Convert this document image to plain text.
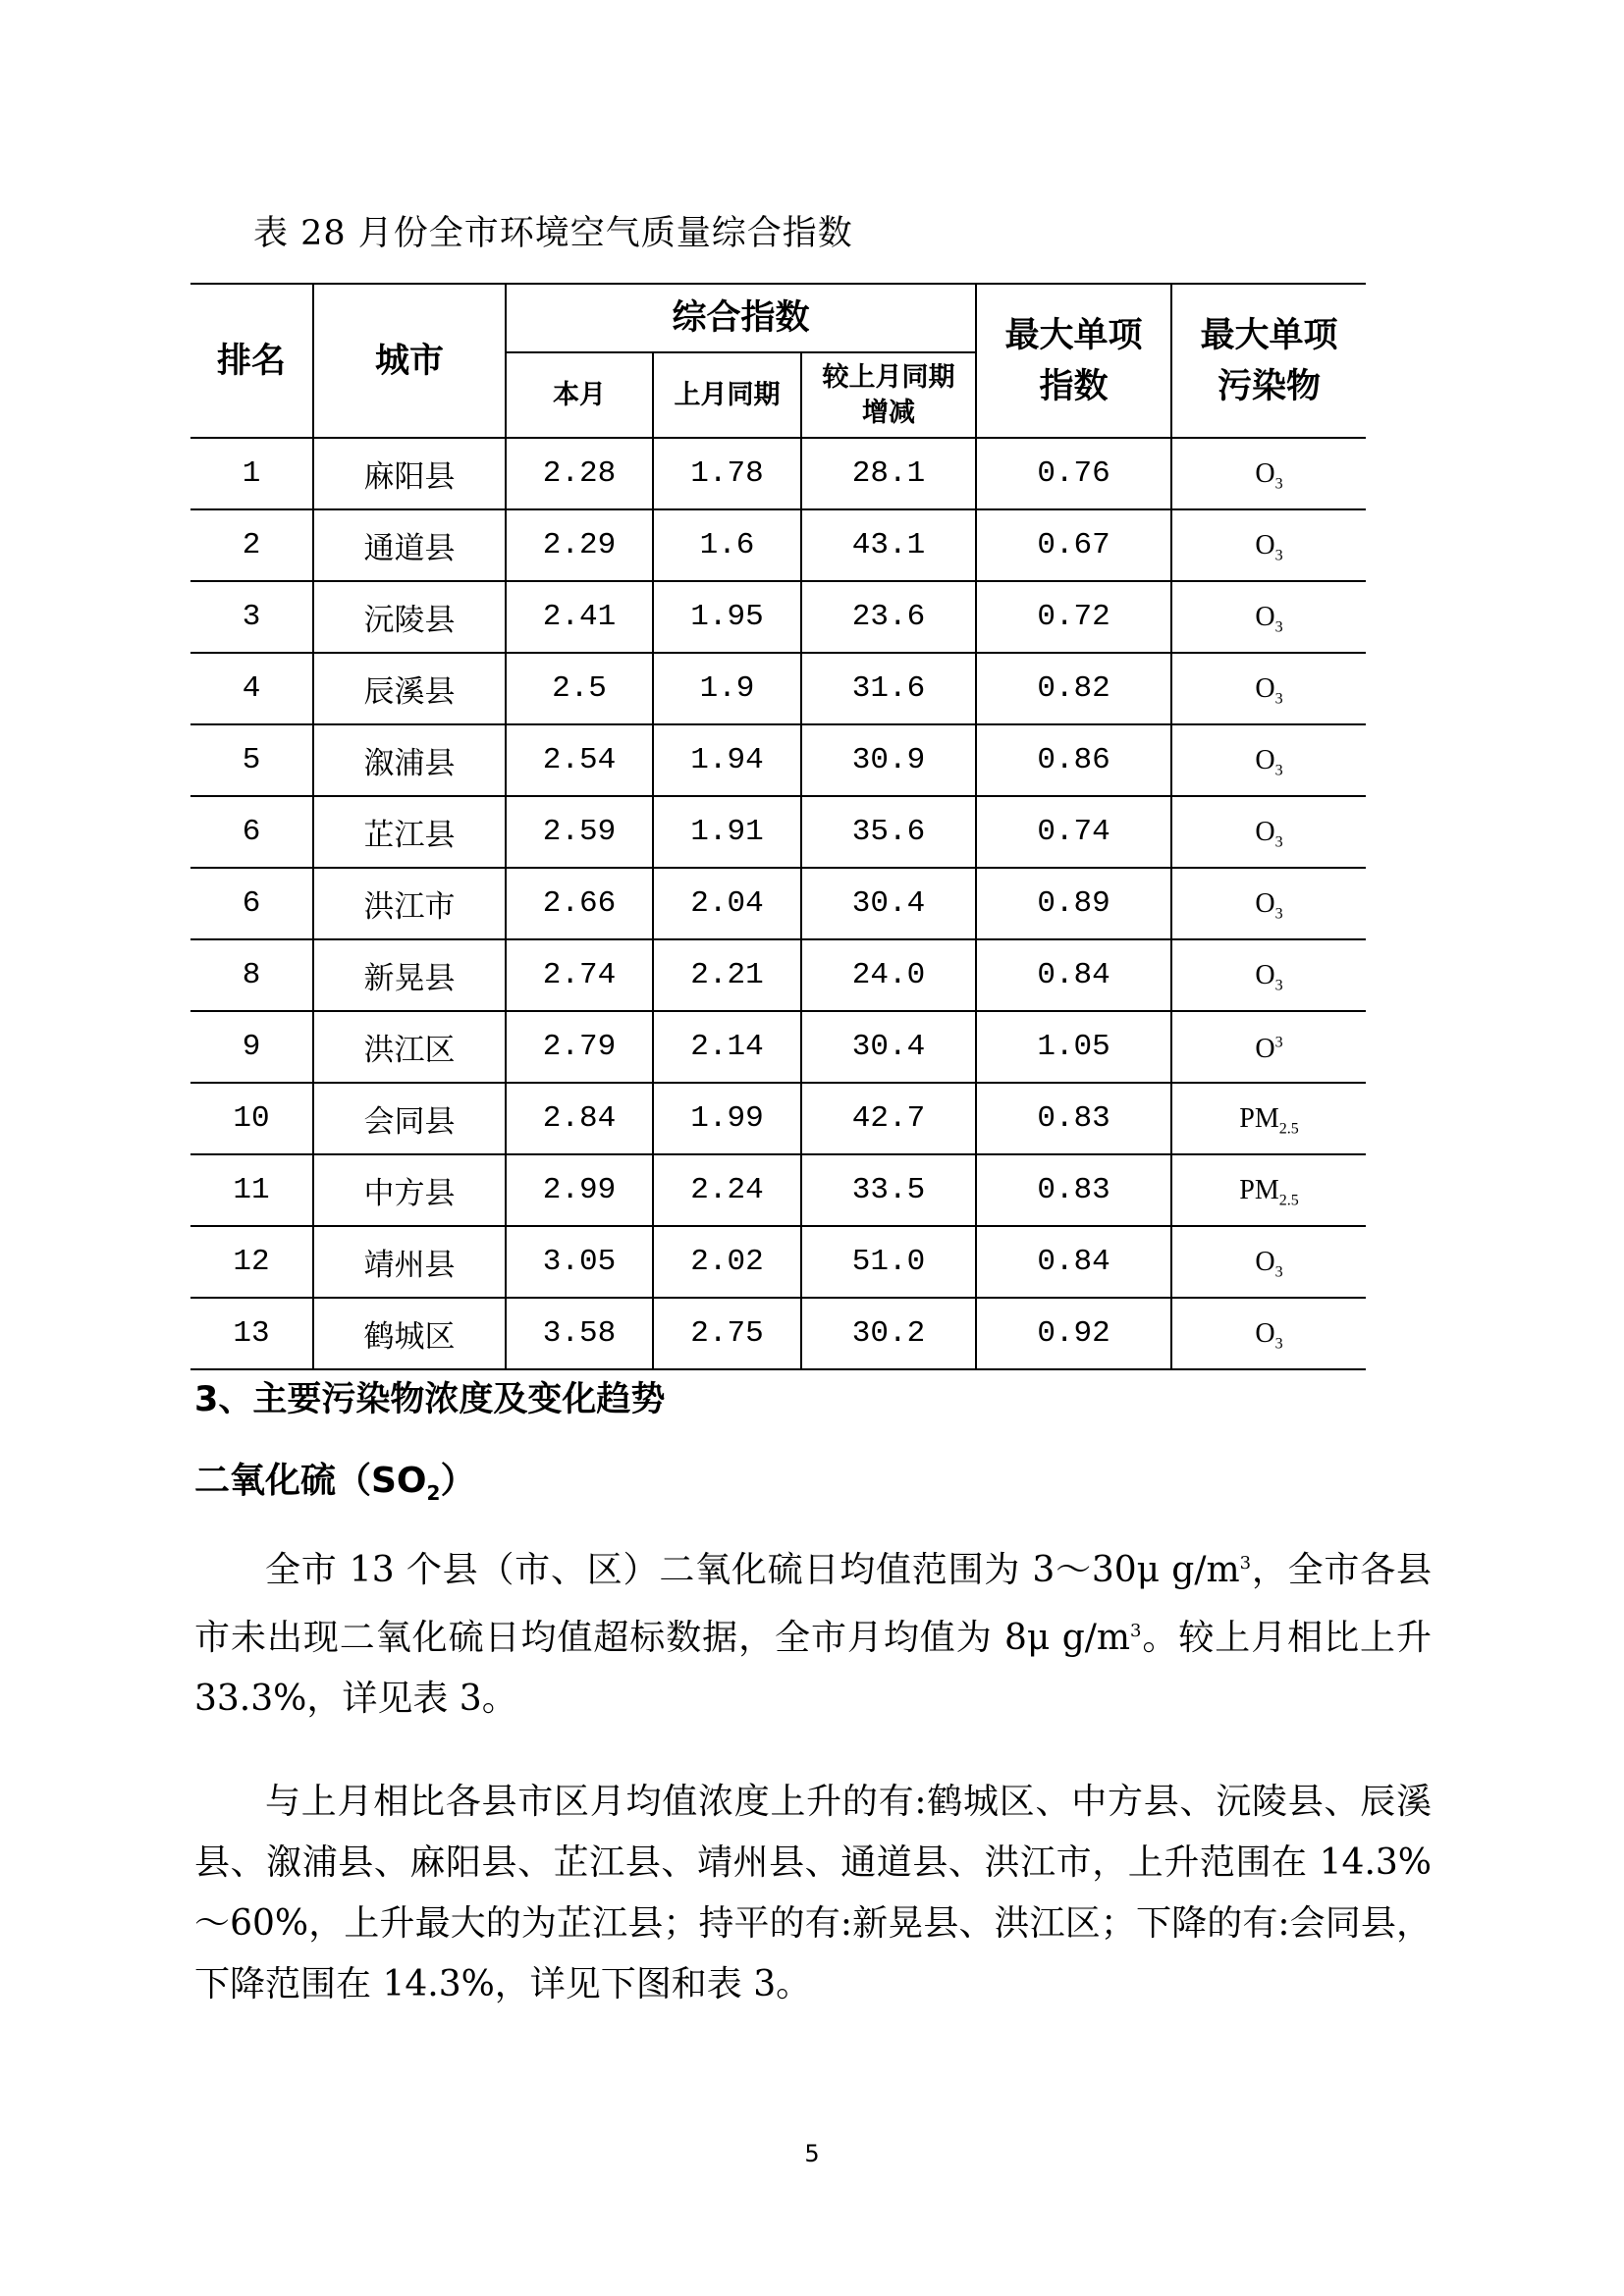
表 28 月份全市环境空气质量综合指数
排名	城市	综合指数			最大单项指数	最大单项污染物

		本月	上月同期	较上月同期增减		

1	麻阳县	2.28	1.78	28.1	0.76	$O_3$
2	通道县	2.29	1.6	43.1	0.67	$O_3$
3	沅陵县	2.41	1.95	23.6	0.72	$O_3$
4	辰溪县	2.5	1.9	31.6	0.82	$O_3$
5	溆浦县	2.54	1.94	30.9	0.86	$O_3$
6	芷江县	2.59	1.91	35.6	0.74	$O_3$
6	洪江市	2.66	2.04	30.4	0.89	$O_3$
8	新晃县	2.74	2.21	24.0	0.84	$O_3$
9	洪江区	2.79	2.14	30.4	1.05	$O^3$
10	会同县	2.84	1.99	42.7	0.83	$PM_{2.5}$
11	中方县	2.99	2.24	33.5	0.83	$PM_{2.5}$
12	靖州县	3.05	2.02	51.0	0.84	$O_3$
13	鹤城区	3.58	2.75	30.2	0.92	$O_3$
3、主要污染物浓度及变化趋势
二氧化硫$(SO_2)$
全市 13 个县（市、区）二氧化硫日均值范围为 3～30μ $g/m^3$，全市各县市未出现二氧化硫日均值超标数据，全市月均值为 8μ $g/m^3$。较上月相比上升 33.3%，详见表 3。
与上月相比各县市区月均值浓度上升的有:鹤城区、中方县、沅陵县、辰溪县、溆浦县、麻阳县、芷江县、靖州县、通道县、洪江市，上升范围在 14.3%～60%，上升最大的为芷江县；持平的有:新晃县、洪江区；下降的有:会同县，下降范围在 14.3%，详见下图和表 3。
5
